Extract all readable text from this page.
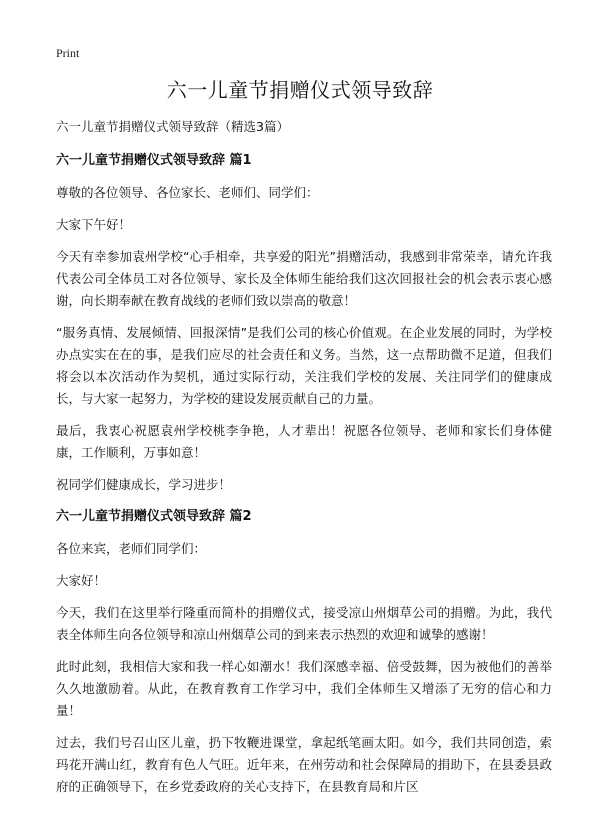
Print
六一儿童节捐赠仪式领导致辞

六一儿童节捐赠仪式领导致辞（精选3篇）

六一儿童节捐赠仪式领导致辞 篇1

尊敬的各位领导、各位家长、老师们、同学们：

大家下午好！

今天有幸参加袁州学校“心手相牵，共享爱的阳光”捐赠活动，我感到非常荣幸，请允许我代表公司全体员工对各位领导、家长及全体师生能给我们这次回报社会的机会表示衷心感谢，向长期奉献在教育战线的老师们致以崇高的敬意！

“服务真情、发展倾情、回报深情”是我们公司的核心价值观。在企业发展的同时，为学校办点实实在在的事，是我们应尽的社会责任和义务。当然，这一点帮助微不足道，但我们将会以本次活动作为契机，通过实际行动，关注我们学校的发展、关注同学们的健康成长，与大家一起努力，为学校的建设发展贡献自己的力量。

最后，我衷心祝愿袁州学校桃李争艳，人才辈出！祝愿各位领导、老师和家长们身体健康，工作顺利，万事如意！

祝同学们健康成长，学习进步！

六一儿童节捐赠仪式领导致辞 篇2

各位来宾，老师们同学们：

大家好！

今天，我们在这里举行隆重而简朴的捐赠仪式，接受凉山州烟草公司的捐赠。为此，我代表全体师生向各位领导和凉山州烟草公司的到来表示热烈的欢迎和诚挚的感谢！

此时此刻，我相信大家和我一样心如潮水！我们深感幸福、倍受鼓舞，因为被他们的善举久久地激励着。从此，在教育教育工作学习中，我们全体师生又增添了无穷的信心和力量！

过去，我们号召山区儿童，扔下牧鞭进课堂，拿起纸笔画太阳。如今，我们共同创造，索玛花开满山红，教育有色人气旺。近年来，在州劳动和社会保障局的捐助下，在县委县政府的正确领导下，在乡党委政府的关心支持下，在县教育局和片区
